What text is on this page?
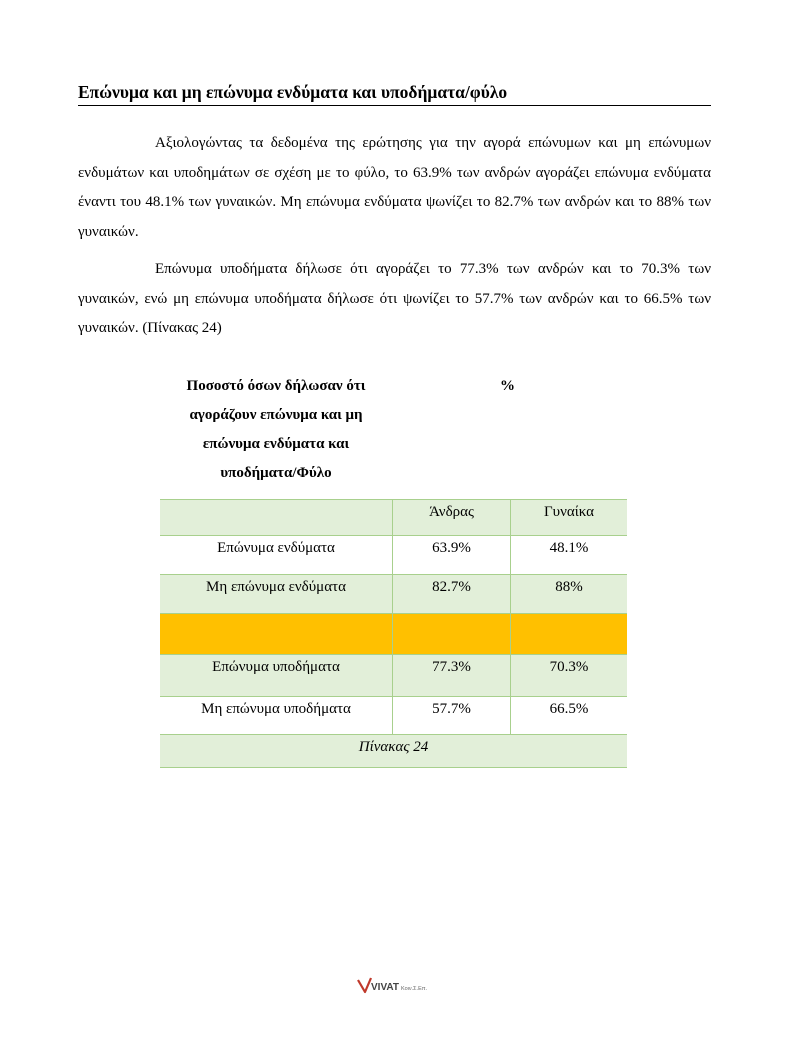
Επώνυμα και μη επώνυμα ενδύματα και υποδήματα/φύλο
Αξιολογώντας τα δεδομένα της ερώτησης για την αγορά επώνυμων και μη επώνυμων ενδυμάτων και υποδημάτων σε σχέση με το φύλο, το 63.9% των ανδρών αγοράζει επώνυμα ενδύματα έναντι του 48.1% των γυναικών. Μη επώνυμα ενδύματα ψωνίζει το 82.7% των ανδρών και το 88% των γυναικών.
Επώνυμα υποδήματα δήλωσε ότι αγοράζει το 77.3% των ανδρών και το 70.3% των γυναικών, ενώ μη επώνυμα υποδήματα δήλωσε ότι ψωνίζει το 57.7% των ανδρών και το 66.5% των γυναικών. (Πίνακας 24)
Ποσοστό όσων δήλωσαν ότι
αγοράζουν επώνυμα και μη
επώνυμα ενδύματα και
υποδήματα/Φύλο
%
	Άνδρας	Γυναίκα
Επώνυμα ενδύματα	63.9%	48.1%
Μη επώνυμα ενδύματα	82.7%	88%

Επώνυμα υποδήματα	77.3%	70.3%
Μη επώνυμα υποδήματα	57.7%	66.5%
Πίνακας 24		
VIVAT Κοιν.Σ.Επ.
